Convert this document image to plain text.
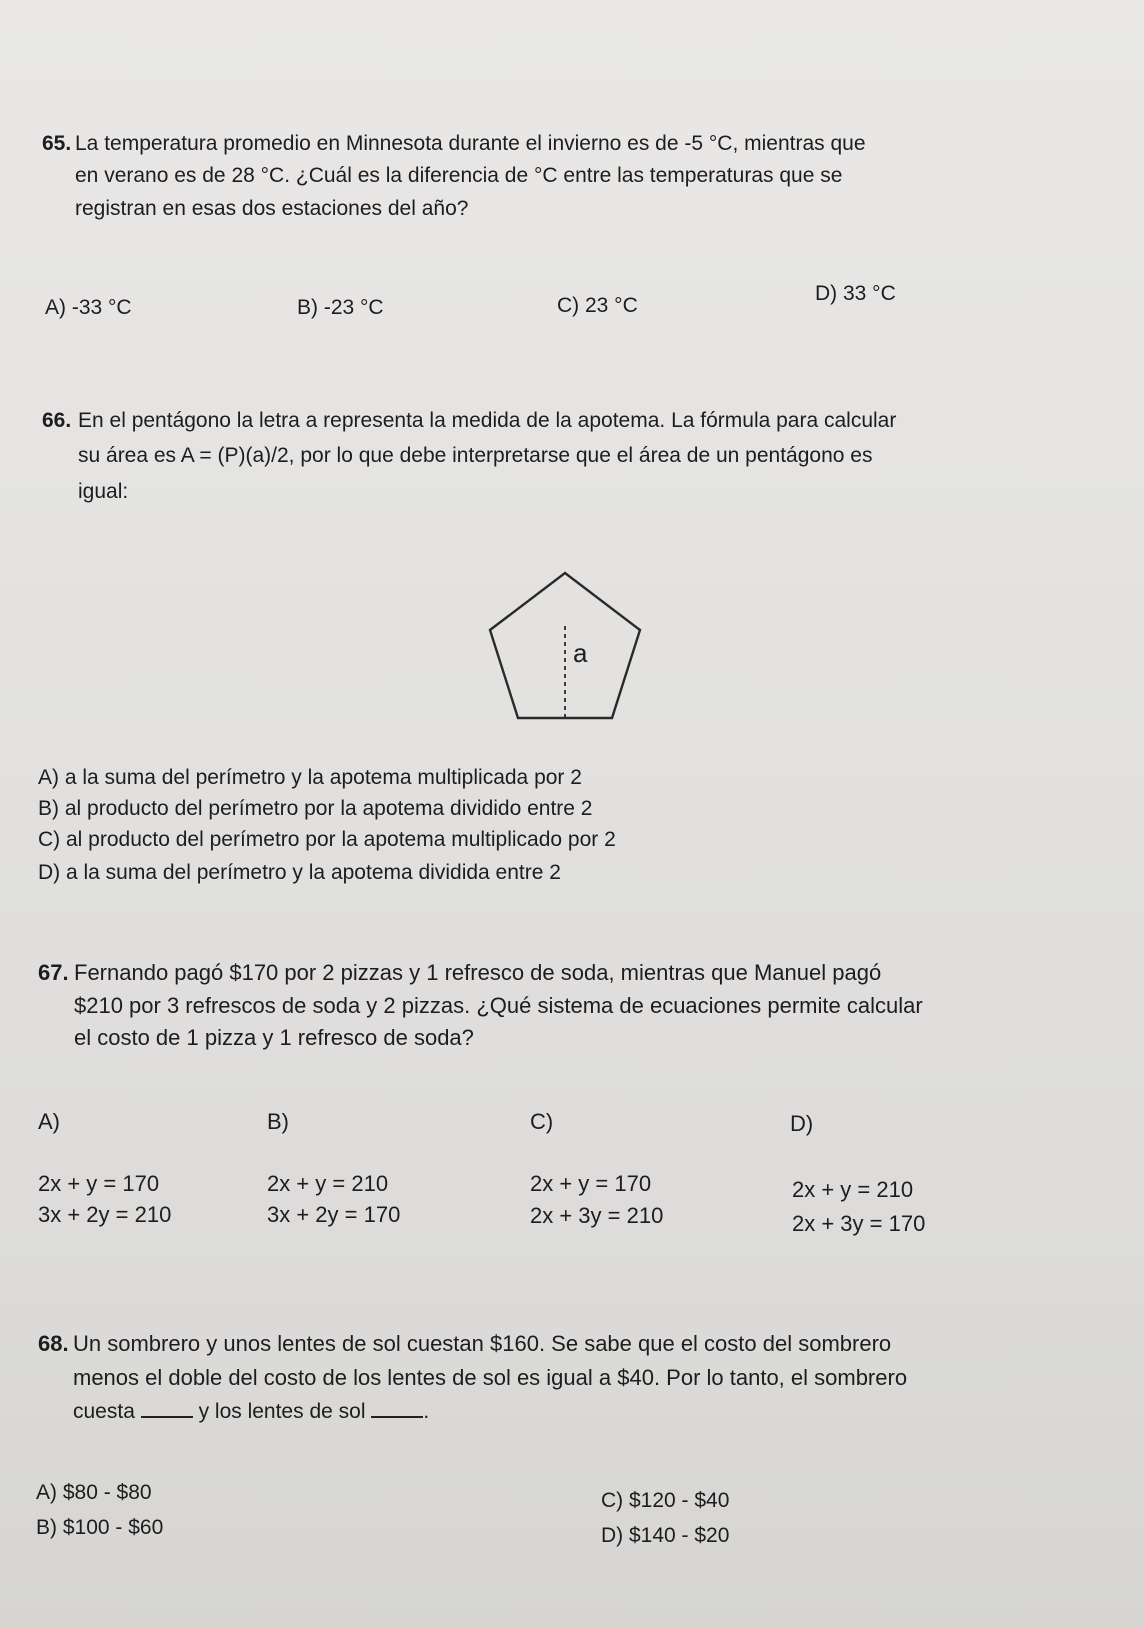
65. La temperatura promedio en Minnesota durante el invierno es de -5 °C, mientras que
en verano es de 28 °C. ¿Cuál es la diferencia de °C entre las temperaturas que se
registran en esas dos estaciones del año?
A) -33 °C	B) -23 °C	C) 23 °C
D) 33 °C
66. En el pentágono la letra a representa la medida de la apotema. La fórmula para calcular
su área es A = (P)(a)/2, por lo que debe interpretarse que el área de un pentágono es
igual:
a
A) a la suma del perímetro y la apotema multiplicada por 2
B) al producto del perímetro por la apotema dividido entre 2
C) al producto del perímetro por la apotema multiplicado por 2
D) a la suma del perímetro y la apotema dividida entre 2
67. Fernando pagó $170 por 2 pizzas y 1 refresco de soda, mientras que Manuel pagó
$210 por 3 refrescos de soda y 2 pizzas. ¿Qué sistema de ecuaciones permite calcular
el costo de 1 pizza y 1 refresco de soda?
A)
2x + y = 170
3x + 2y = 210
B)
2x + y = 210
3x + 2y = 170
C)
2x + y = 170
2x + 3y = 210
D)
2x + y = 210
2x + 3y = 170
68. Un sombrero y unos lentes de sol cuestan $160. Se sabe que el costo del sombrero
menos el doble del costo de los lentes de sol es igual a $40. Por lo tanto, el sombrero
cuesta	y los lentes de sol	.
A) $80 - $80
B) $100 - $60
C) $120 - $40
D) $140 - $20
